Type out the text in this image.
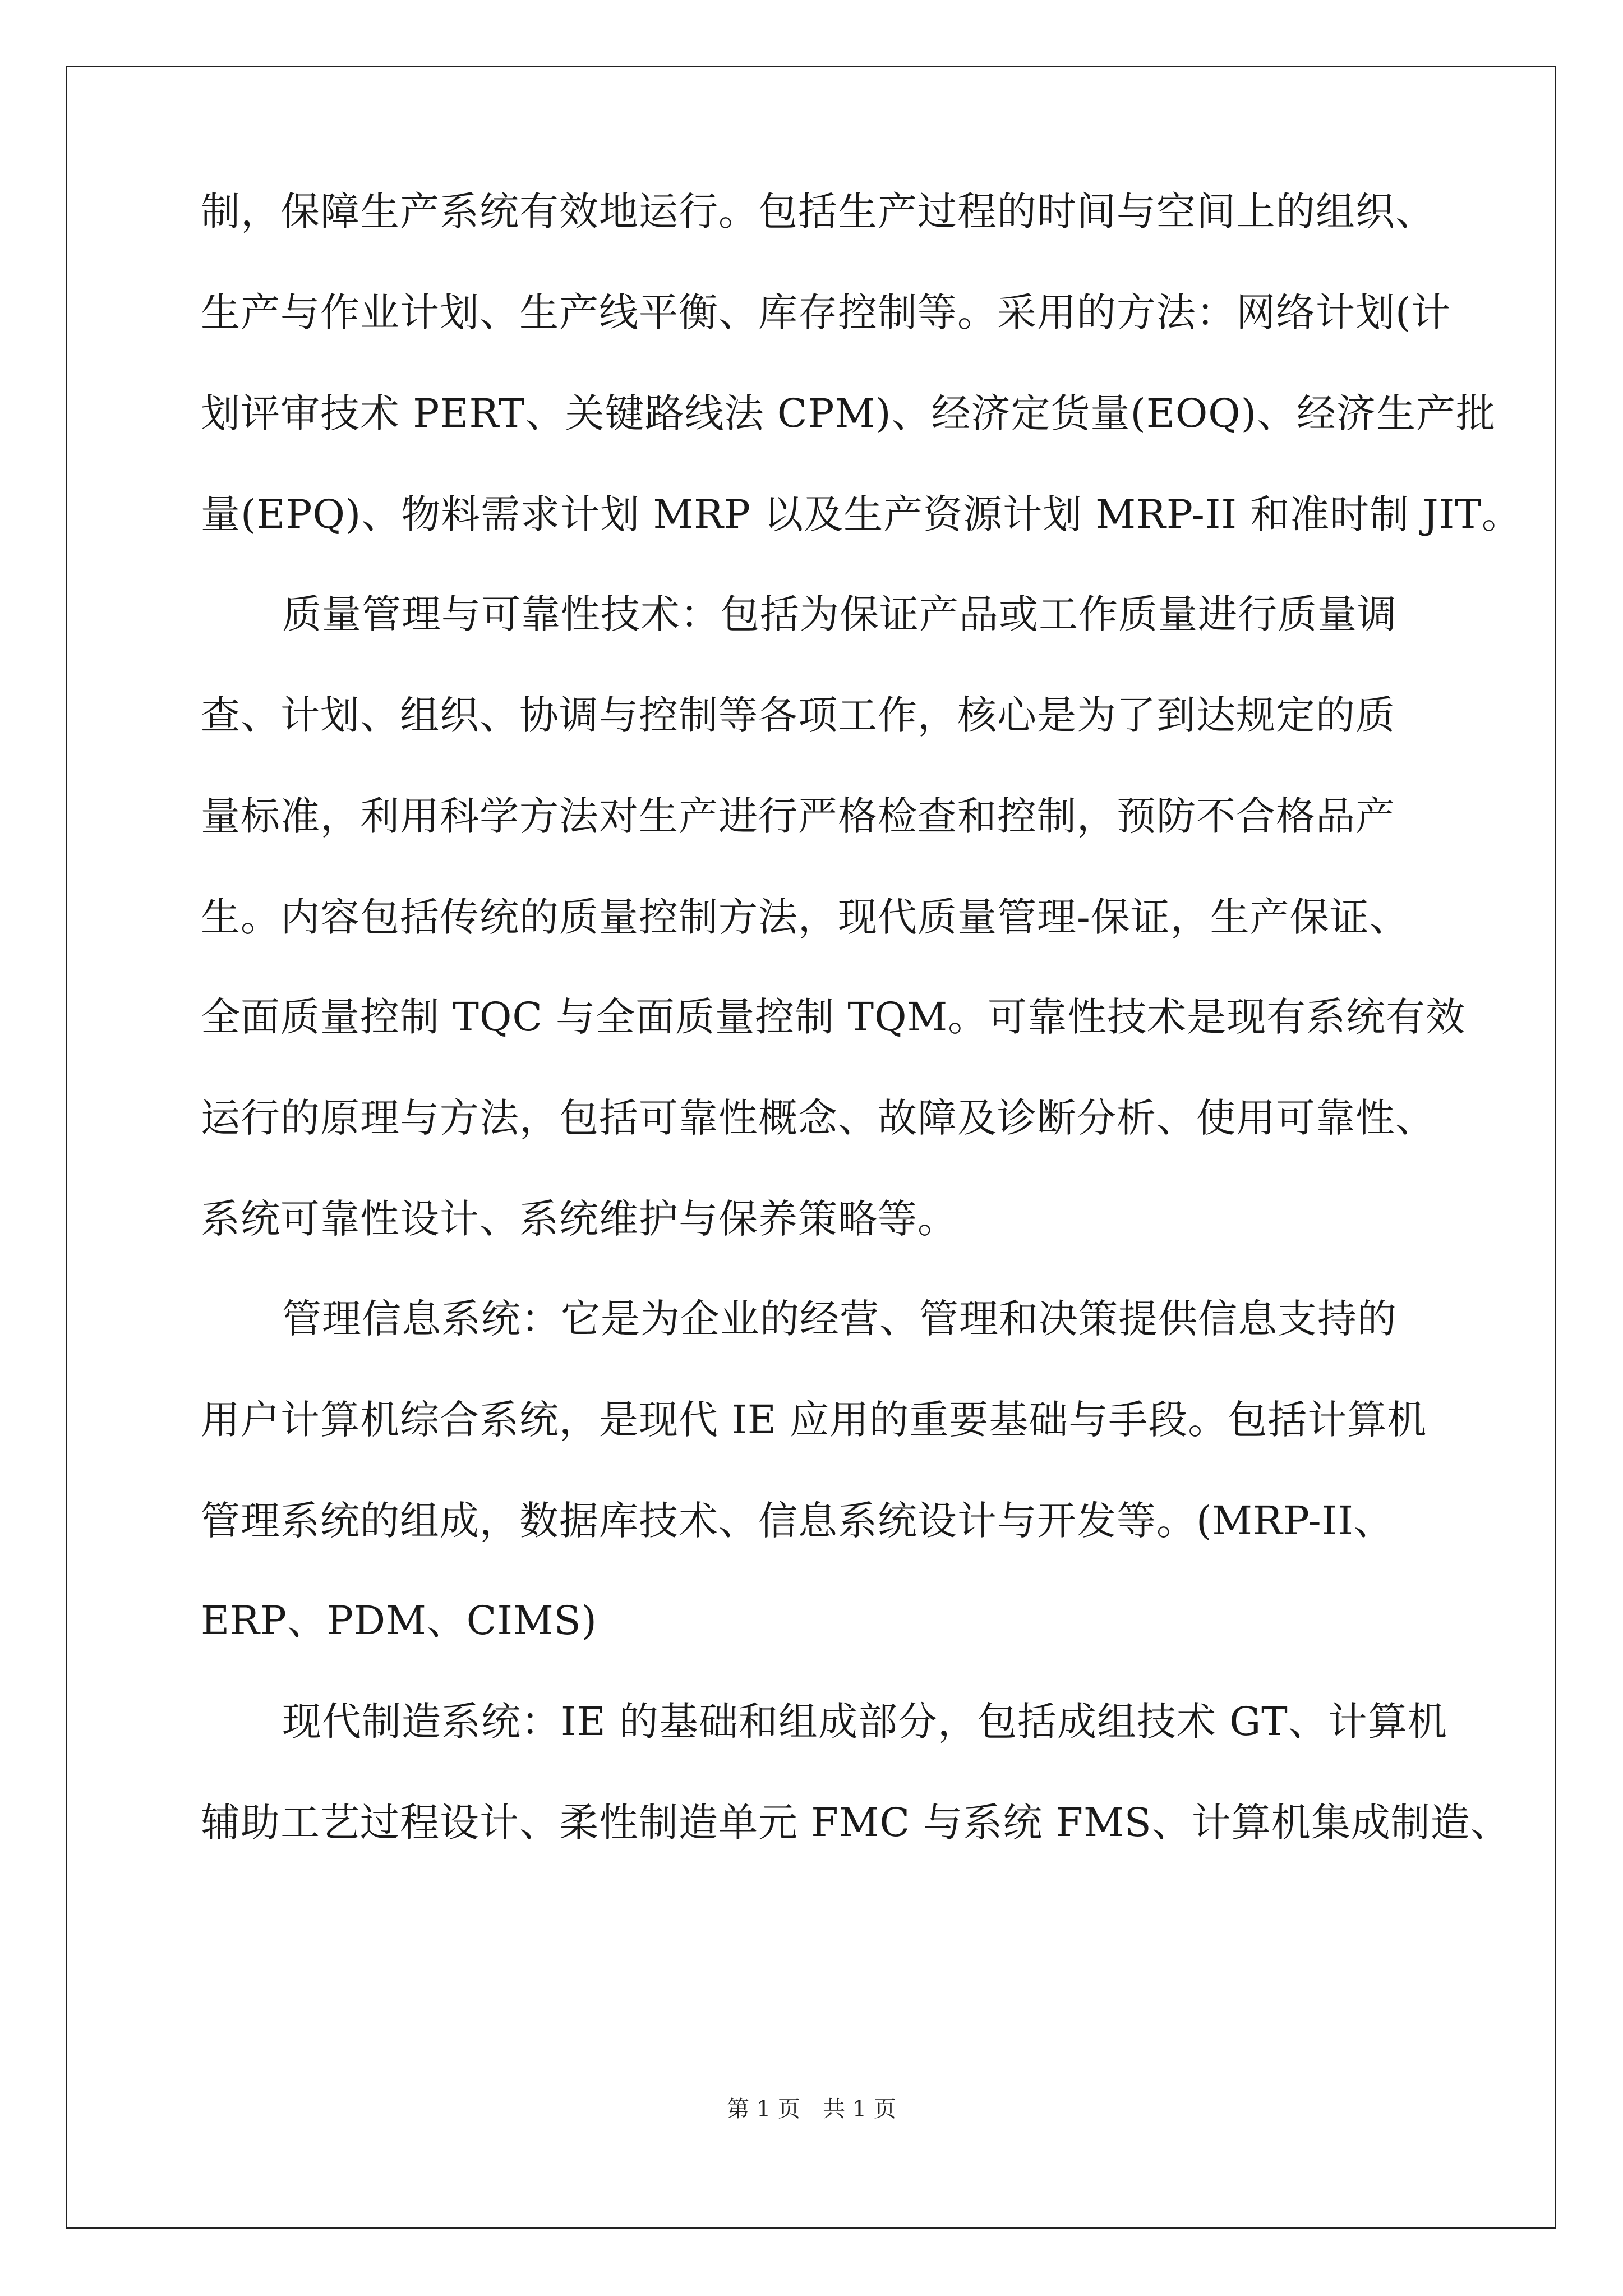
制，保障生产系统有效地运行。包括生产过程的时间与空间上的组织、
生产与作业计划、生产线平衡、库存控制等。采用的方法：网络计划(计
划评审技术 PERT、关键路线法 CPM)、经济定货量(EOQ)、经济生产批
量(EPQ)、物料需求计划 MRP 以及生产资源计划 MRP-II 和准时制 JIT。
质量管理与可靠性技术：包括为保证产品或工作质量进行质量调
查、计划、组织、协调与控制等各项工作，核心是为了到达规定的质
量标准，利用科学方法对生产进行严格检查和控制，预防不合格品产
生。内容包括传统的质量控制方法，现代质量管理-保证，生产保证、
全面质量控制 TQC 与全面质量控制 TQM。可靠性技术是现有系统有效
运行的原理与方法，包括可靠性概念、故障及诊断分析、使用可靠性、
系统可靠性设计、系统维护与保养策略等。
管理信息系统：它是为企业的经营、管理和决策提供信息支持的
用户计算机综合系统，是现代 IE 应用的重要基础与手段。包括计算机
管理系统的组成，数据库技术、信息系统设计与开发等。(MRP-II、
ERP、PDM、CIMS)
现代制造系统：IE 的基础和组成部分，包括成组技术 GT、计算机
辅助工艺过程设计、柔性制造单元 FMC 与系统 FMS、计算机集成制造、
第 1 页　共 1 页
